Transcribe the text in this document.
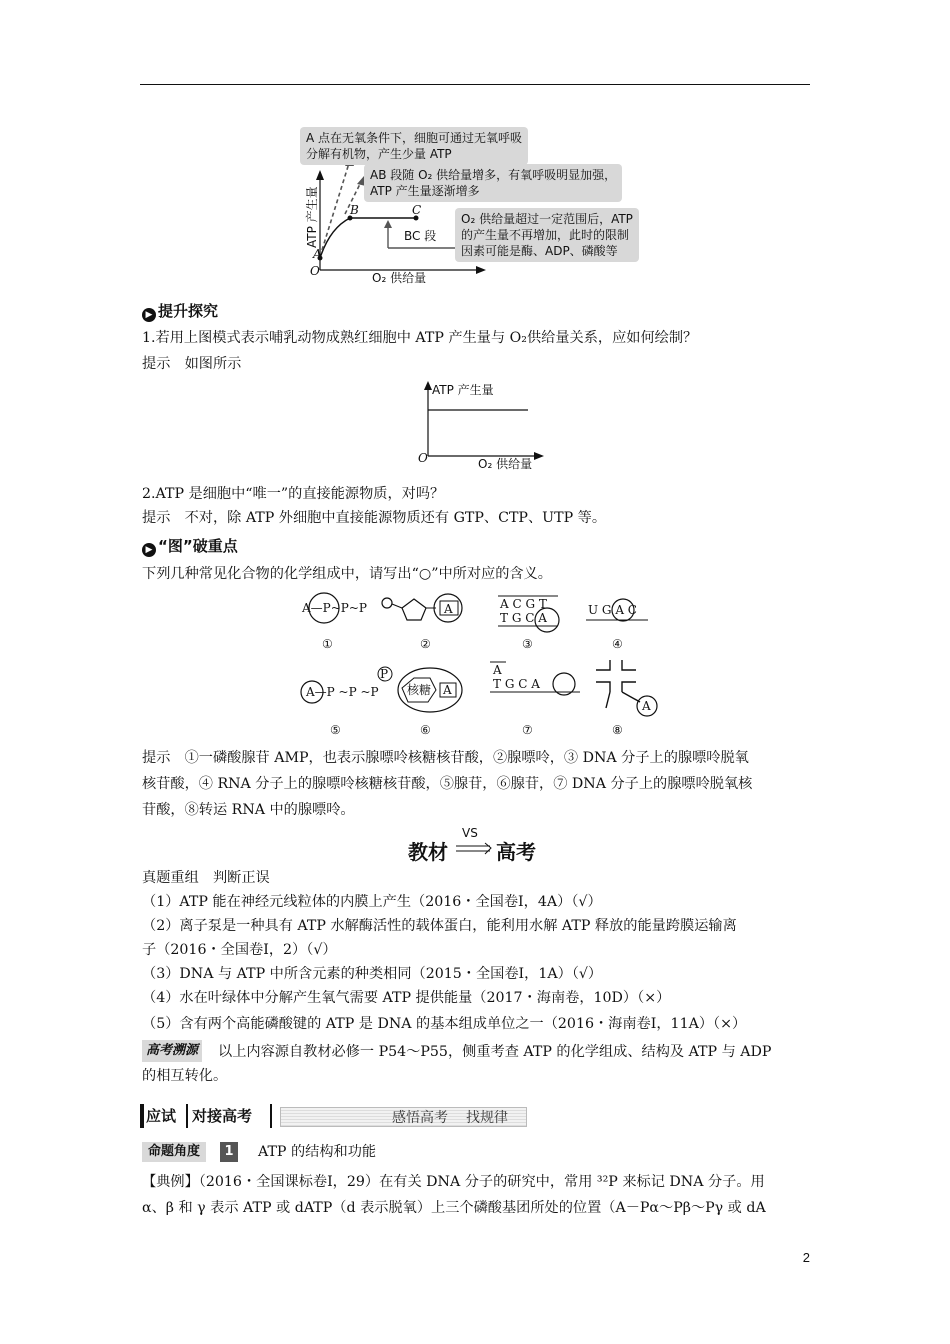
O
A
B	C
BC 段
O₂ 供给量
ATP 产生量
A 点在无氧条件下，细胞可通过无氧呼吸
分解有机物，产生少量 ATP
AB 段随 O₂ 供给量增多，有氧呼吸明显加强，
ATP 产生量逐渐增多
O₂ 供给量超过一定范围后，ATP
的产生量不再增加，此时的限制
因素可能是酶、ADP、磷酸等
▶ 提升探究
1.若用上图模式表示哺乳动物成熟红细胞中 ATP 产生量与 O₂供给量关系，应如何绘制？
提示　如图所示
ATP 产生量
O	O₂ 供给量
2.ATP 是细胞中“唯一”的直接能源物质，对吗？
提示　不对，除 ATP 外细胞中直接能源物质还有 GTP、CTP、UTP 等。
▶ “图”破重点
下列几种常见化合物的化学组成中，请写出“○”中所对应的含义。
A—P~P~P
①
A
②
A C G T
T G C A
③
U G A C
④
A—P ~P ~P
⑤
P
核糖 A
⑥
A
T G C A
⑦
A
⑧
提示　①一磷酸腺苷 AMP，也表示腺嘌呤核糖核苷酸，②腺嘌呤，③ DNA 分子上的腺嘌呤脱氧
核苷酸，④ RNA 分子上的腺嘌呤核糖核苷酸，⑤腺苷，⑥腺苷，⑦ DNA 分子上的腺嘌呤脱氧核
苷酸，⑧转运 RNA 中的腺嘌呤。
教材
VS
高考
真题重组　判断正误
（1）ATP 能在神经元线粒体的内膜上产生（2016・全国卷Ⅰ，4A）（√）
（2）离子泵是一种具有 ATP 水解酶活性的载体蛋白，能利用水解 ATP 释放的能量跨膜运输离
子（2016・全国卷Ⅰ，2）（√）
（3）DNA 与 ATP 中所含元素的种类相同（2015・全国卷Ⅰ，1A）（√）
（4）水在叶绿体中分解产生氧气需要 ATP 提供能量（2017・海南卷，10D）（×）
（5）含有两个高能磷酸键的 ATP 是 DNA 的基本组成单位之一（2016・海南卷Ⅰ，11A）（×）
高考溯源 以上内容源自教材必修一 P54～P55，侧重考查 ATP 的化学组成、结构及 ATP 与 ADP
的相互转化。
应试 对接高考	感悟高考 找规律
命题角度	1	ATP 的结构和功能
【典例】（2016・全国课标卷Ⅰ，29）在有关 DNA 分子的研究中，常用 ³²P 来标记 DNA 分子。用
α、β 和 γ 表示 ATP 或 dATP（d 表示脱氧）上三个磷酸基团所处的位置（A－Pα～Pβ～Pγ 或 dA
2
